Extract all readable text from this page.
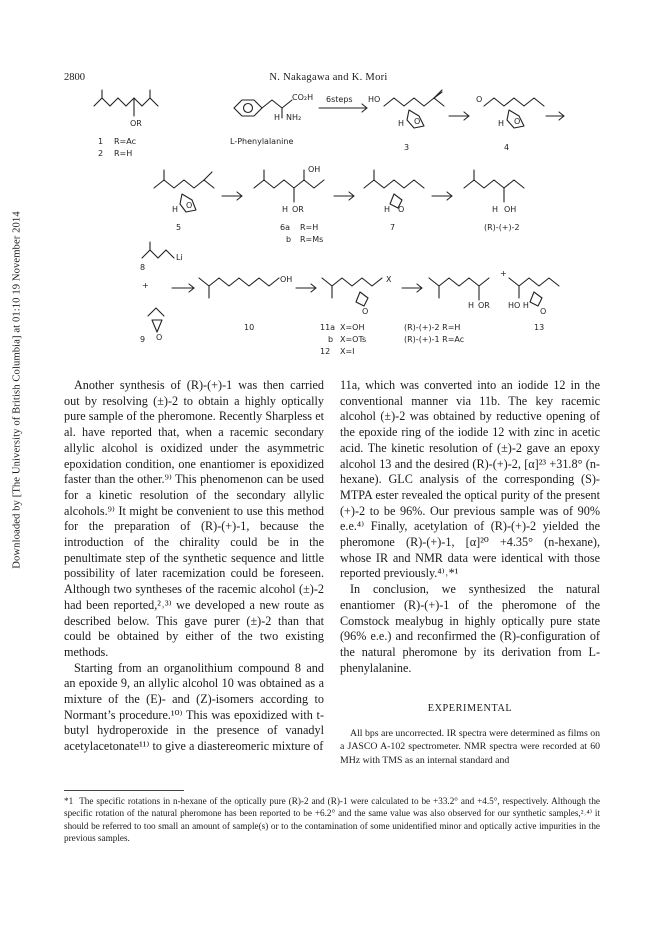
Downloaded by [The University of British Columbia] at 01:10 19 November 2014
2800	N. Nakagawa and K. Mori
OR
1 R=Ac
2 R=H
CO₂H
NH₂
H
L-Phenylalanine
6steps HO
H O
3
O
H O
4
H O
5
OH
H OR
6a R=H
b R=Ms
H O
7
H OH
(R)-(+)-2
8
Li
+
9 O
OH
10
X
O
11a X=OH
b X=OTs
12 X=I
H OR
(R)-(+)-2 R=H
(R)-(+)-1 R=Ac
+
HO H
O
13

Another synthesis of (R)-(+)-1 was then carried out by resolving (±)-2 to obtain a highly optically pure sample of the pheromone. Recently Sharpless et al. have reported that, when a racemic secondary allylic alcohol is oxidized under the asymmetric epoxidation condition, one enantiomer is epoxidized faster than the other.⁹⁾ This phenomenon can be used for a kinetic resolution of the secondary allylic alcohols.⁹⁾ It might be convenient to use this method for the preparation of (R)-(+)-1, because the introduction of the chirality could be in the penultimate step of the synthetic sequence and little possibility of later racemization could be foreseen. Although two syntheses of the racemic alcohol (±)-2 had been reported,²˒³⁾ we developed a new route as described below. This gave purer (±)-2 than that could be obtained by either of the two existing methods.

Starting from an organolithium compound 8 and an epoxide 9, an allylic alcohol 10 was obtained as a mixture of the (E)- and (Z)-isomers according to Normant’s procedure.¹⁰⁾ This was epoxidized with t-butyl hydroperoxide in the presence of vanadyl acetylacetonate¹¹⁾ to give a diastereomeric mixture of

11a, which was converted into an iodide 12 in the conventional manner via 11b. The key racemic alcohol (±)-2 was obtained by reductive opening of the epoxide ring of the iodide 12 with zinc in acetic acid. The kinetic resolution of (±)-2 gave an epoxy alcohol 13 and the desired (R)-(+)-2, [α]²³ +31.8° (n-hexane). GLC analysis of the corresponding (S)-MTPA ester revealed the optical purity of the present (+)-2 to be 96%. Our previous sample was of 90% e.e.⁴⁾ Finally, acetylation of (R)-(+)-2 yielded the pheromone (R)-(+)-1, [α]²⁰ +4.35° (n-hexane), whose IR and NMR data were identical with those reported previously.⁴⁾˒*¹

In conclusion, we synthesized the natural enantiomer (R)-(+)-1 of the pheromone of the Comstock mealybug in highly optically pure state (96% e.e.) and reconfirmed the (R)-configuration of the natural pheromone by its derivation from L-phenylalanine.

EXPERIMENTAL

All bps are uncorrected. IR spectra were determined as films on a JASCO A-102 spectrometer. NMR spectra were recorded at 60 MHz with TMS as an internal standard and

*1 The specific rotations in n-hexane of the optically pure (R)-2 and (R)-1 were calculated to be +33.2° and +4.5°, respectively. Although the specific rotation of the natural pheromone has been reported to be +6.2° and the same value was also observed for our synthetic samples,²˒⁴⁾ it should be referred to too small an amount of sample(s) or to the contamination of some unidentified minor and optically active impurities in the previous samples.
